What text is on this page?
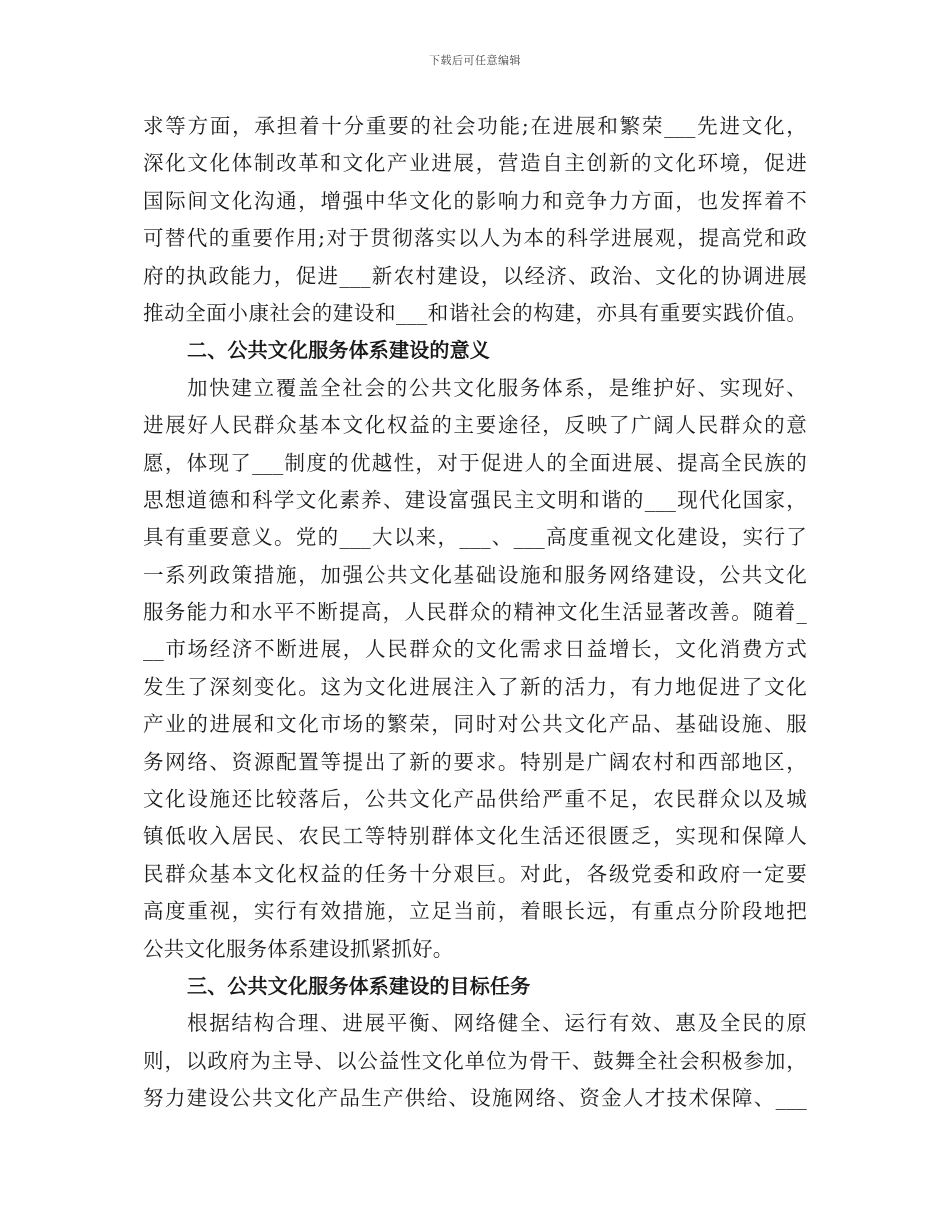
下载后可任意编辑
求等方面，承担着十分重要的社会功能;在进展和繁荣___先进文化，
深化文化体制改革和文化产业进展，营造自主创新的文化环境，促进
国际间文化沟通，增强中华文化的影响力和竞争力方面，也发挥着不
可替代的重要作用;对于贯彻落实以人为本的科学进展观，提高党和政
府的执政能力，促进___新农村建设，以经济、政治、文化的协调进展
推动全面小康社会的建设和___和谐社会的构建，亦具有重要实践价值。
二、公共文化服务体系建设的意义
加快建立覆盖全社会的公共文化服务体系，是维护好、实现好、
进展好人民群众基本文化权益的主要途径，反映了广阔人民群众的意
愿，体现了___制度的优越性，对于促进人的全面进展、提高全民族的
思想道德和科学文化素养、建设富强民主文明和谐的___现代化国家，
具有重要意义。党的___大以来，___、___高度重视文化建设，实行了
一系列政策措施，加强公共文化基础设施和服务网络建设，公共文化
服务能力和水平不断提高，人民群众的精神文化生活显著改善。随着_
__市场经济不断进展，人民群众的文化需求日益增长，文化消费方式
发生了深刻变化。这为文化进展注入了新的活力，有力地促进了文化
产业的进展和文化市场的繁荣，同时对公共文化产品、基础设施、服
务网络、资源配置等提出了新的要求。特别是广阔农村和西部地区，
文化设施还比较落后，公共文化产品供给严重不足，农民群众以及城
镇低收入居民、农民工等特别群体文化生活还很匮乏，实现和保障人
民群众基本文化权益的任务十分艰巨。对此，各级党委和政府一定要
高度重视，实行有效措施，立足当前，着眼长远，有重点分阶段地把
公共文化服务体系建设抓紧抓好。
三、公共文化服务体系建设的目标任务
根据结构合理、进展平衡、网络健全、运行有效、惠及全民的原
则，以政府为主导、以公益性文化单位为骨干、鼓舞全社会积极参加，
努力建设公共文化产品生产供给、设施网络、资金人才技术保障、___
